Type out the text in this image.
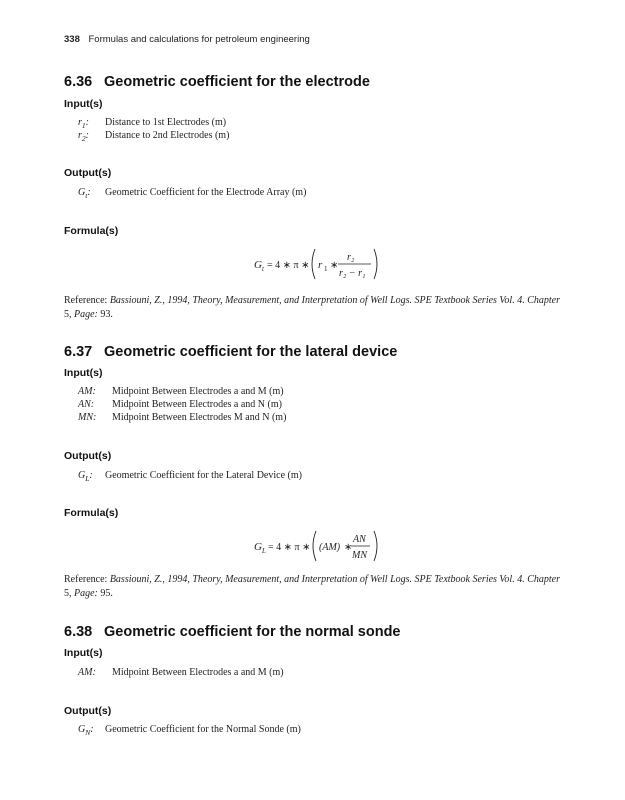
338 Formulas and calculations for petroleum engineering
6.36 Geometric coefficient for the electrode
Input(s)
$r_1$: Distance to 1st Electrodes (m)
$r_2$: Distance to 2nd Electrodes (m)
Output(s)
$G_t$: Geometric Coefficient for the Electrode Array (m)
Formula(s)
G t = 4 ∗ π ∗ r 1 ∗
r₂
r₂ − r₁
Reference: Bassiouni, Z., 1994, Theory, Measurement, and Interpretation of Well Logs. SPE Textbook Series Vol. 4. Chapter 5, Page: 93.
6.37 Geometric coefficient for the lateral device
Input(s)
AM: Midpoint Between Electrodes a and M (m)
AN: Midpoint Between Electrodes a and N (m)
MN: Midpoint Between Electrodes M and N (m)
Output(s)
$G_L$: Geometric Coefficient for the Lateral Device (m)
Formula(s)
G L = 4 ∗ π ∗ (AM) ∗
AN
MN
Reference: Bassiouni, Z., 1994, Theory, Measurement, and Interpretation of Well Logs. SPE Textbook Series Vol. 4. Chapter 5, Page: 95.
6.38 Geometric coefficient for the normal sonde
Input(s)
AM: Midpoint Between Electrodes a and M (m)
Output(s)
$G_N$: Geometric Coefficient for the Normal Sonde (m)
